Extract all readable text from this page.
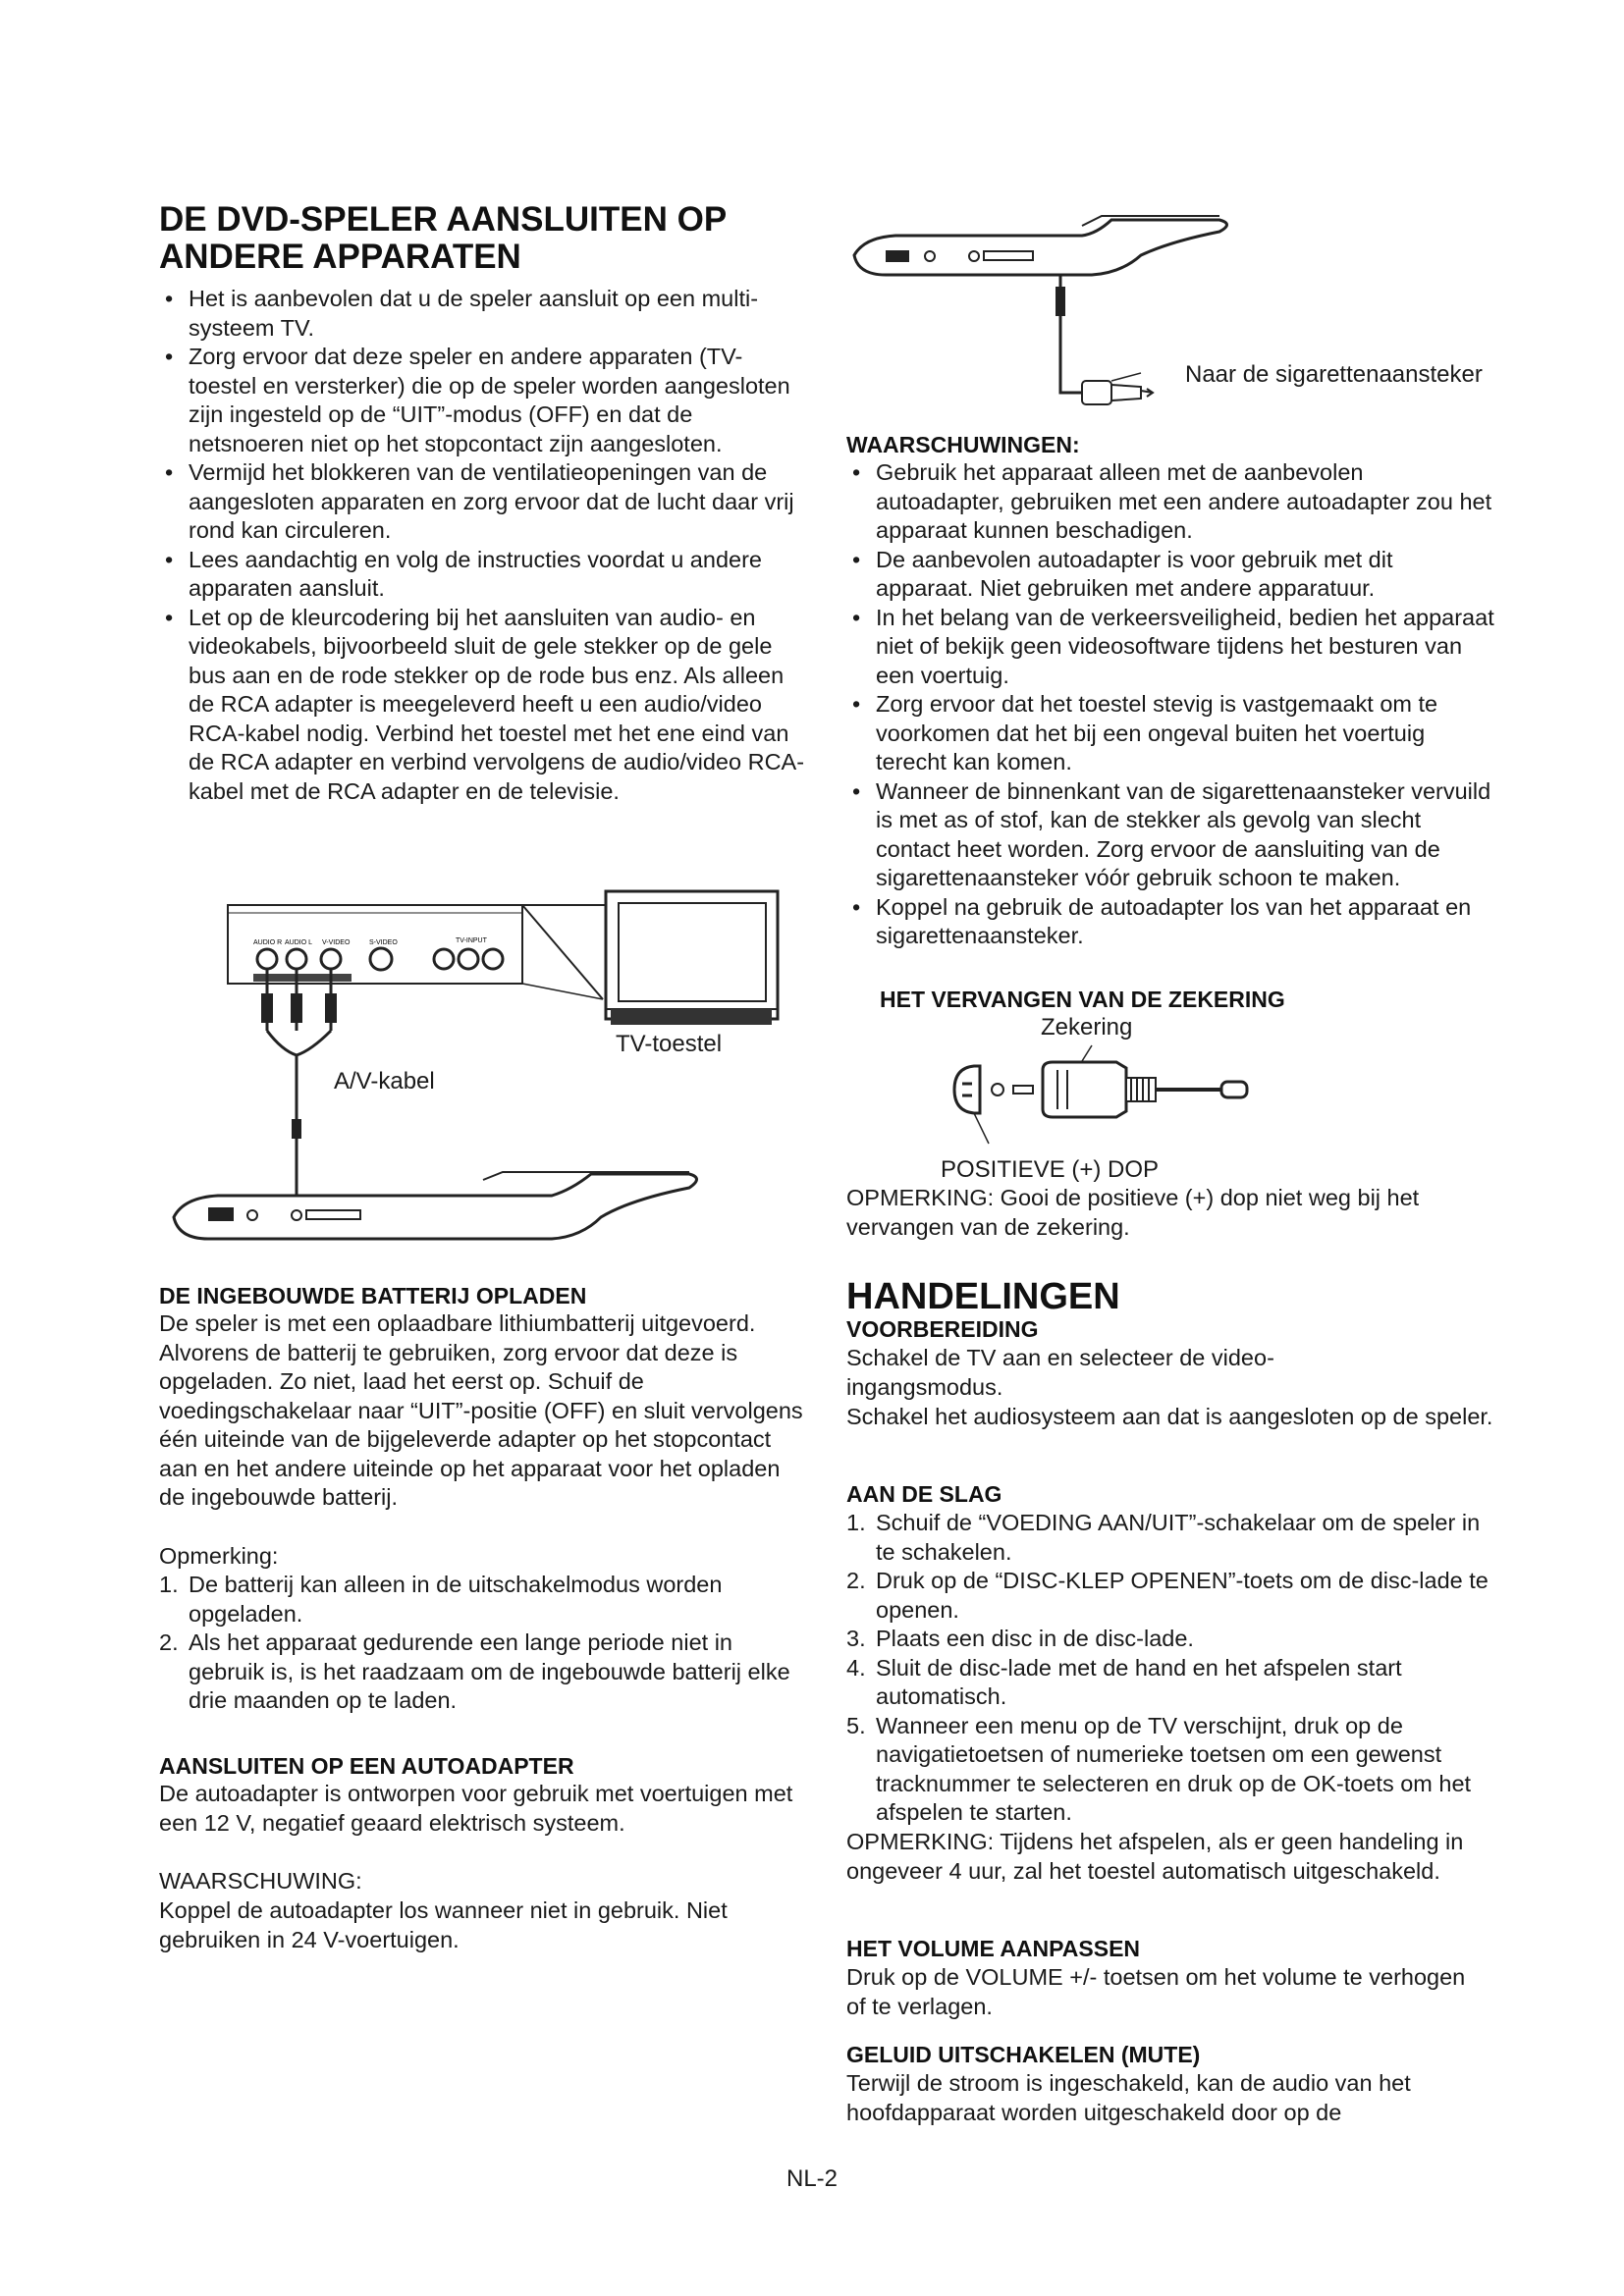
DE DVD-SPELER AANSLUITEN OP
ANDERE APPARATEN
• Het is aanbevolen dat u de speler aansluit op een multi-systeem TV.
• Zorg ervoor dat deze speler en andere apparaten (TV-toestel en versterker) die op de speler worden aangesloten zijn ingesteld op de “UIT”-modus (OFF) en dat de netsnoeren niet op het stopcontact zijn aangesloten.
• Vermijd het blokkeren van de ventilatieopeningen van de aangesloten apparaten en zorg ervoor dat de lucht daar vrij rond kan circuleren.
• Lees aandachtig en volg de instructies voordat u andere apparaten aansluit.
• Let op de kleurcodering bij het aansluiten van audio- en videokabels, bijvoorbeeld sluit de gele stekker op de gele bus aan en de rode stekker op de rode bus enz. Als alleen de RCA adapter is meegeleverd heeft u een audio/video RCA-kabel nodig. Verbind het toestel met het ene eind van de RCA adapter en verbind vervolgens de audio/video RCA-kabel met de RCA adapter en de televisie.
AUDIO R AUDIO L V-VIDEO	S-VIDEO	TV-INPUT
TV-toestel
A/V-kabel
DE INGEBOUWDE BATTERIJ OPLADEN
De speler is met een oplaadbare lithiumbatterij uitgevoerd. Alvorens de batterij te gebruiken, zorg ervoor dat deze is opgeladen. Zo niet, laad het eerst op. Schuif de voedingschakelaar naar “UIT”-positie (OFF) en sluit vervolgens één uiteinde van de bijgeleverde adapter op het stopcontact aan en het andere uiteinde op het apparaat voor het opladen de ingebouwde batterij.
Opmerking:
1. De batterij kan alleen in de uitschakelmodus worden opgeladen.
2. Als het apparaat gedurende een lange periode niet in gebruik is, is het raadzaam om de ingebouwde batterij elke drie maanden op te laden.
AANSLUITEN OP EEN AUTOADAPTER
De autoadapter is ontworpen voor gebruik met voertuigen met een 12 V, negatief geaard elektrisch systeem.
WAARSCHUWING:
Koppel de autoadapter los wanneer niet in gebruik. Niet gebruiken in 24 V-voertuigen.
Naar de sigarettenaansteker
WAARSCHUWINGEN:
• Gebruik het apparaat alleen met de aanbevolen autoadapter, gebruiken met een andere autoadapter zou het apparaat kunnen beschadigen.
• De aanbevolen autoadapter is voor gebruik met dit apparaat. Niet gebruiken met andere apparatuur.
• In het belang van de verkeersveiligheid, bedien het apparaat niet of bekijk geen videosoftware tijdens het besturen van een voertuig.
• Zorg ervoor dat het toestel stevig is vastgemaakt om te voorkomen dat het bij een ongeval buiten het voertuig terecht kan komen.
• Wanneer de binnenkant van de sigarettenaansteker vervuild is met as of stof, kan de stekker als gevolg van slecht contact heet worden. Zorg ervoor de aansluiting van de sigarettenaansteker vóór gebruik schoon te maken.
• Koppel na gebruik de autoadapter los van het apparaat en sigarettenaansteker.
HET VERVANGEN VAN DE ZEKERING
Zekering
POSITIEVE (+) DOP
OPMERKING: Gooi de positieve (+) dop niet weg bij het vervangen van de zekering.
HANDELINGEN
VOORBEREIDING
Schakel de TV aan en selecteer de video-ingangsmodus.
Schakel het audiosysteem aan dat is aangesloten op de speler.
AAN DE SLAG
1. Schuif de “VOEDING AAN/UIT”-schakelaar om de speler in te schakelen.
2. Druk op de “DISC-KLEP OPENEN”-toets om de disc-lade te openen.
3. Plaats een disc in de disc-lade.
4. Sluit de disc-lade met de hand en het afspelen start automatisch.
5. Wanneer een menu op de TV verschijnt, druk op de navigatietoetsen of numerieke toetsen om een gewenst tracknummer te selecteren en druk op de OK-toets om het afspelen te starten.
OPMERKING: Tijdens het afspelen, als er geen handeling in ongeveer 4 uur, zal het toestel automatisch uitgeschakeld.
HET VOLUME AANPASSEN
Druk op de VOLUME +/- toetsen om het volume te verhogen of te verlagen.
GELUID UITSCHAKELEN (MUTE)
Terwijl de stroom is ingeschakeld, kan de audio van het hoofdapparaat worden uitgeschakeld door op de
NL-2
